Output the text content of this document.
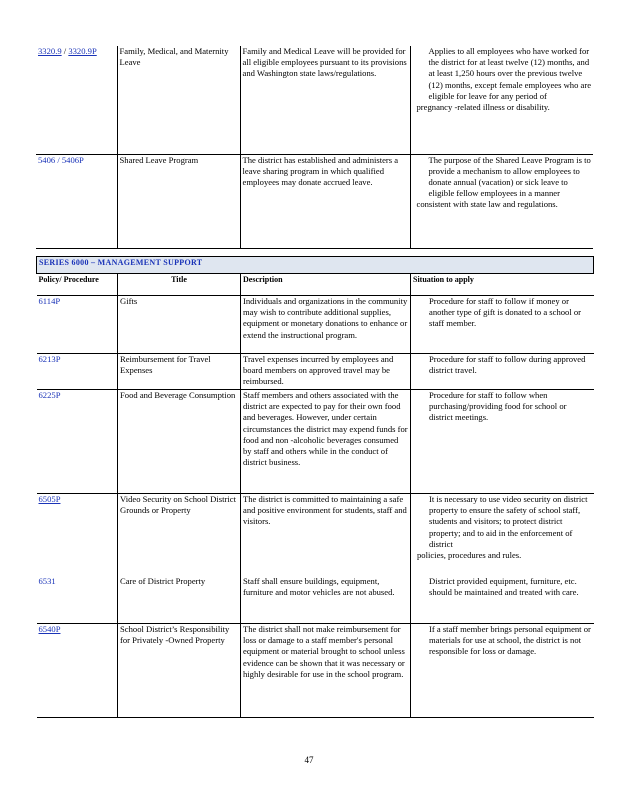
3320.9 / 3320.9P	Family, Medical, and Maternity Leave	Family and Medical Leave will be provided for all eligible employees pursuant to its provisions and Washington state laws/regulations.	Applies to all employees who have worked for the district for at least twelve (12) months, and at least 1,250 hours over the previous twelve (12) months, except female employees who are eligible for leave for any period of
pregnancy -related illness or disability.

5406 / 5406P	Shared Leave Program	The district has established and administers a leave sharing program in which qualified employees may donate accrued leave.	The purpose of the Shared Leave Program is to provide a mechanism to allow employees to donate annual (vacation) or sick leave to eligible fellow employees in a manner
consistent with state law and regulations.
SERIES 6000 – MANAGEMENT SUPPORT			
Policy/ Procedure	Title	Description	Situation to apply
6114P	Gifts	Individuals and organizations in the community may wish to contribute additional supplies, equipment or monetary donations to enhance or extend the instructional program.	Procedure for staff to follow if money or another type of gift is donated to a school or staff member.

6213P	Reimbursement for Travel Expenses	Travel expenses incurred by employees and board members on approved travel may be reimbursed.	Procedure for staff to follow during approved district travel.

6225P	Food and Beverage Consumption	Staff members and others associated with the district are expected to pay for their own food and beverages. However, under certain circumstances the district may expend funds for food and non -alcoholic beverages consumed by staff and others while in the conduct of district business.	Procedure for staff to follow when purchasing/providing food for school or district meetings.

6505P	Video Security on School District Grounds or Property	The district is committed to maintaining a safe and positive environment for students, staff and visitors.	It is necessary to use video security on district property to ensure the safety of school staff, students and visitors; to protect district property; and to aid in the enforcement of district
policies, procedures and rules.

6531	Care of District Property	Staff shall ensure buildings, equipment, furniture and motor vehicles are not abused.	District provided equipment, furniture, etc. should be maintained and treated with care.

6540P	School District’s Responsibility for Privately -Owned Property	The district shall not make reimbursement for loss or damage to a staff member's personal equipment or material brought to school unless evidence can be shown that it was necessary or highly desirable for use in the school program.	If a staff member brings personal equipment or materials for use at school, the district is not responsible for loss or damage.
47
